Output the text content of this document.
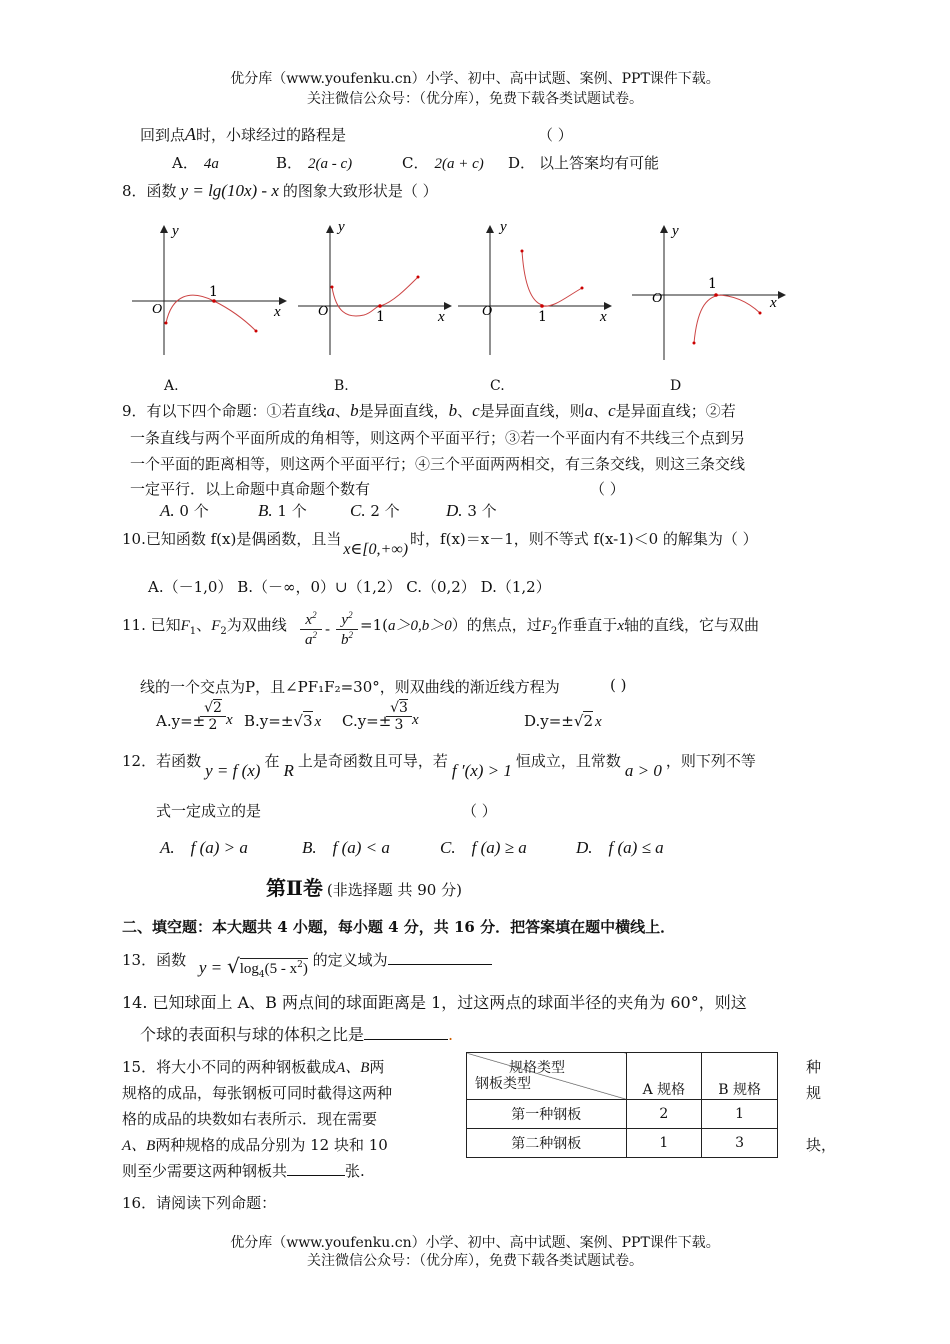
优分库（www.youfenku.cn）小学、初中、高中试题、案例、PPT课件下载。
关注微信公众号：（优分库），免费下载各类试题试卷。
回到点A时，小球经过的路程是	（ ）
A． 4a	B． 2(a - c)	C． 2(a + c) D． 以上答案均有可能
8．函数 y = lg(10x) - x 的图象大致形状是（ ）
y
x
O
1
y
x
O	1
y
x
O	1
y
x
O
1
A.	B.	C.	D
9．有以下四个命题：①若直线a、b是异面直线，b、c是异面直线，则a、c是异面直线；②若
一条直线与两个平面所成的角相等，则这两个平面平行；③若一个平面内有不共线三个点到另
一个平面的距离相等，则这两个平面平行；④三个平面两两相交，有三条交线，则这三条交线
一定平行．以上命题中真命题个数有	（ ）
A. 0 个	B. 1 个	C. 2 个	D. 3 个
10.已知函数 f(x)是偶函数，且当x∈[0,+∞)时，f(x)＝x－1，则不等式 f(x-1)＜0 的解集为（ ）
A.（－1,0） B.（－∞，0）∪（1,2） C.（0,2） D.（1,2）
11. 已知$F_1$、$F_2$为双曲线	$x^2$
$a^2 - y^2$
$b^2$
=1(a＞0,b＞0）的焦点，过$F_2$作垂直于x轴的直线，它与双曲
线的一个交点为P，且∠PF₁F₂=30°，则双曲线的渐近线方程为	( )
A.y=±
√2
2 x B.y=±√3 x C.y=±
√3
3 x	D.y=±√2 x
12．若函数 y = f (x) 在 R 上是奇函数且可导，若 f ′(x) > 1 恒成立，且常数 a > 0 ，则下列不等
式一定成立的是	（ ）
A. f (a) > a	B. f (a) < a	C. f (a) ≥ a	D. f (a) ≤ a
第Ⅱ卷 (非选择题 共 90 分)
二、填空题：本大题共 4 小题，每小题 4 分，共 16 分．把答案填在题中横线上．
13．函数 $y = √\log_4(5 - x^2)$ 的定义域为
14. 已知球面上 A、B 两点间的球面距离是 1，过这两点的球面半径的夹角为 60°，则这
个球的表面积与球的体积之比是	.
15．将大小不同的两种钢板截成A、B两
规格的成品，每张钢板可同时截得这两种
格的成品的块数如右表所示．现在需要
A、B两种规格的成品分别为 12 块和 10
则至少需要这两种钢板共	张.
种
规
块，
规格类型
钢板类型	A 规格	B 规格
第一种钢板	2	1
第二种钢板	1	3
16．请阅读下列命题：
优分库（www.youfenku.cn）小学、初中、高中试题、案例、PPT课件下载。
关注微信公众号：（优分库），免费下载各类试题试卷。
